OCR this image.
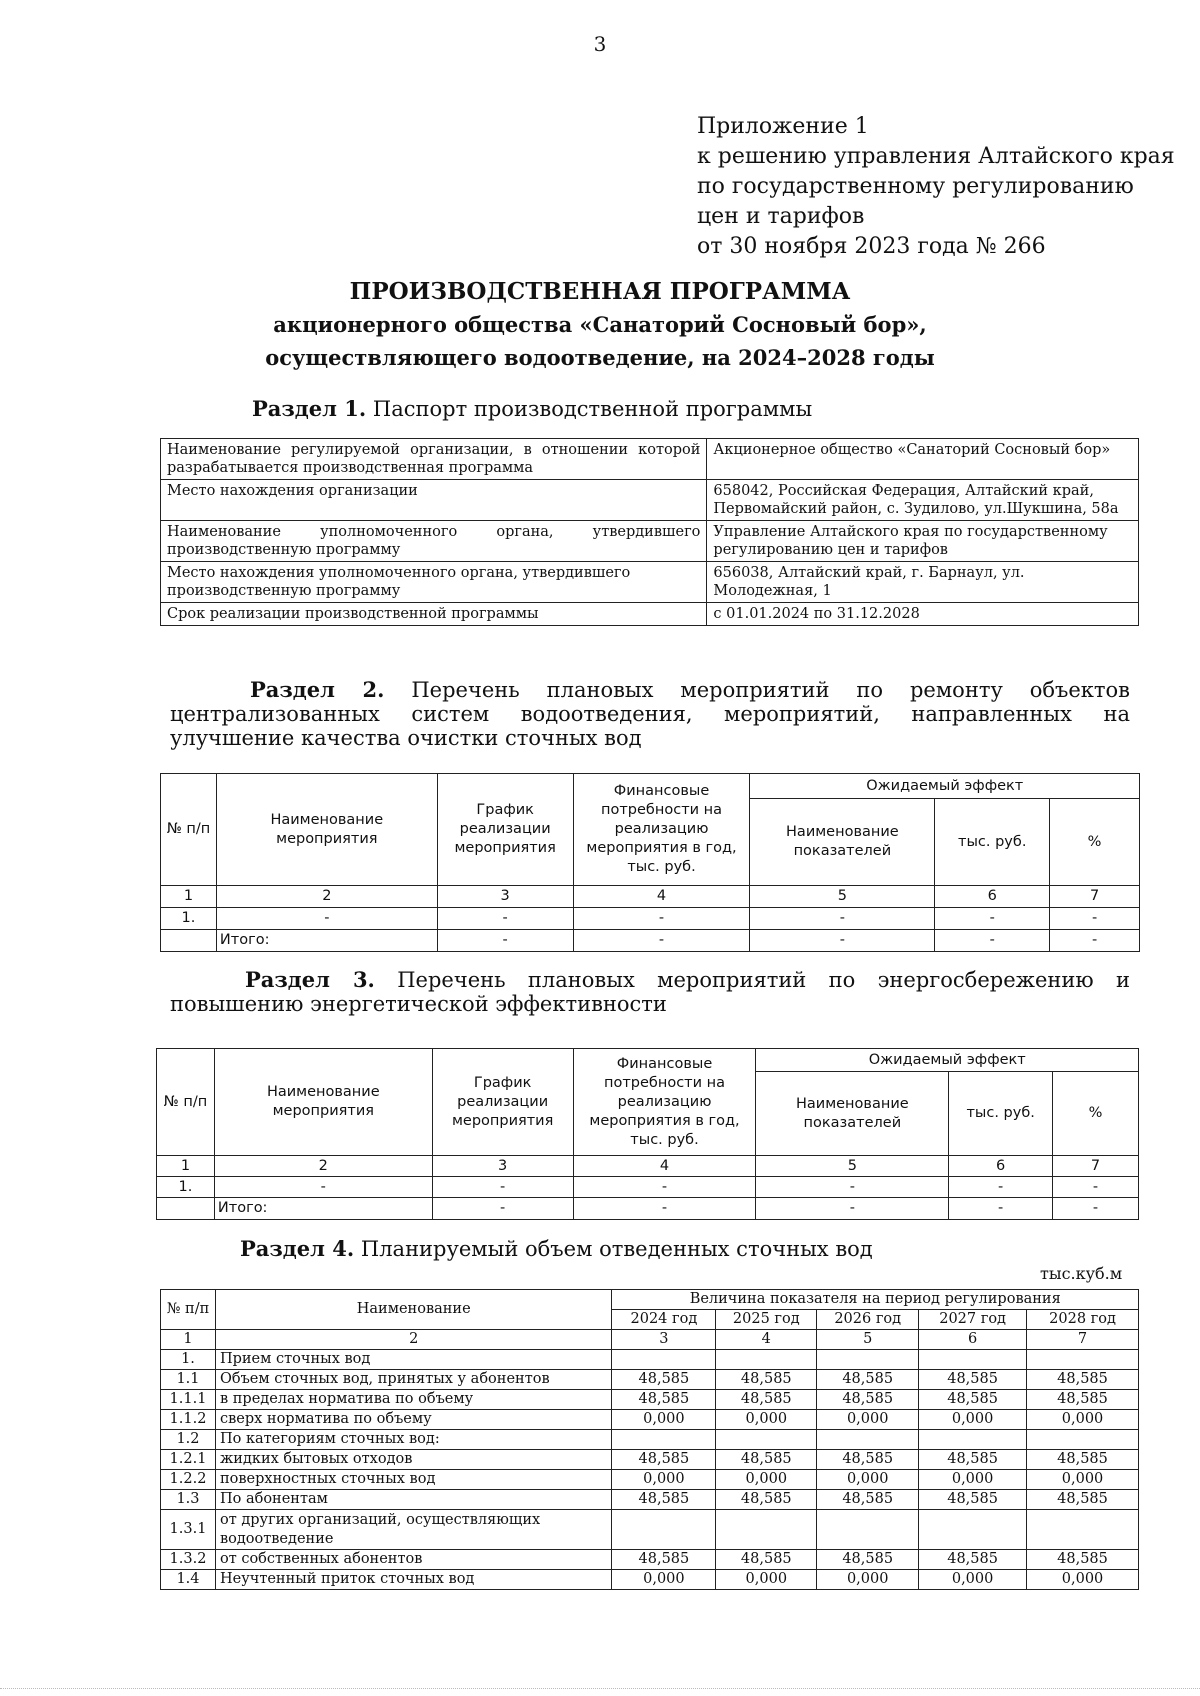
3
Приложение 1
к решению управления Алтайского края
по государственному регулированию
цен и тарифов
от 30 ноября 2023 года № 266
ПРОИЗВОДСТВЕННАЯ ПРОГРАММА
акционерного общества «Санаторий Сосновый бор»,
осуществляющего водоотведение, на 2024–2028 годы
Раздел 1. Паспорт производственной программы
Наименование регулируемой организации, в отношении которой разрабатывается производственная программа	Акционерное общество «Санаторий Сосновый бор»
Место нахождения организации	658042, Российская Федерация, Алтайский край, Первомайский район, с. Зудилово, ул.Шукшина, 58а
Наименование уполномоченного органа, утвердившего производственную программу	Управление Алтайского края по государственному регулированию цен и тарифов
Место нахождения уполномоченного органа, утвердившего производственную программу	656038, Алтайский край, г. Барнаул, ул. Молодежная, 1
Срок реализации производственной программы	с 01.01.2024 по 31.12.2028
Раздел 2. Перечень плановых мероприятий по ремонту объектов централизованных систем водоотведения, мероприятий, направленных на улучшение качества очистки сточных вод
№ п/п	Наименование мероприятия	График реализации мероприятия	Финансовые потребности на реализацию мероприятия в год, тыс. руб.	Ожидаемый эффект		
				Наименование показателей	тыс. руб.	%
1	2	3	4	5	6	7
1.	-	-	-	-	-	-
	Итого:	-	-	-	-	-
Раздел 3. Перечень плановых мероприятий по энергосбережению и повышению энергетической эффективности
№ п/п	Наименование мероприятия	График реализации мероприятия	Финансовые потребности на реализацию мероприятия в год, тыс. руб.	Ожидаемый эффект		
				Наименование показателей	тыс. руб.	%
1	2	3	4	5	6	7
1.	-	-	-	-	-	-
	Итого:	-	-	-	-	-
Раздел 4. Планируемый объем отведенных сточных вод
тыс.куб.м
№ п/п	Наименование	Величина показателя на период регулирования				
		2024 год	2025 год	2026 год	2027 год	2028 год
1	2	3	4	5	6	7
1.	Прием сточных вод					
1.1	Объем сточных вод, принятых у абонентов	48,585	48,585	48,585	48,585	48,585
1.1.1	в пределах норматива по объему	48,585	48,585	48,585	48,585	48,585
1.1.2	сверх норматива по объему	0,000	0,000	0,000	0,000	0,000
1.2	По категориям сточных вод:					
1.2.1	жидких бытовых отходов	48,585	48,585	48,585	48,585	48,585
1.2.2	поверхностных сточных вод	0,000	0,000	0,000	0,000	0,000
1.3	По абонентам	48,585	48,585	48,585	48,585	48,585
1.3.1	от других организаций, осуществляющих водоотведение					
1.3.2	от собственных абонентов	48,585	48,585	48,585	48,585	48,585
1.4	Неучтенный приток сточных вод	0,000	0,000	0,000	0,000	0,000
